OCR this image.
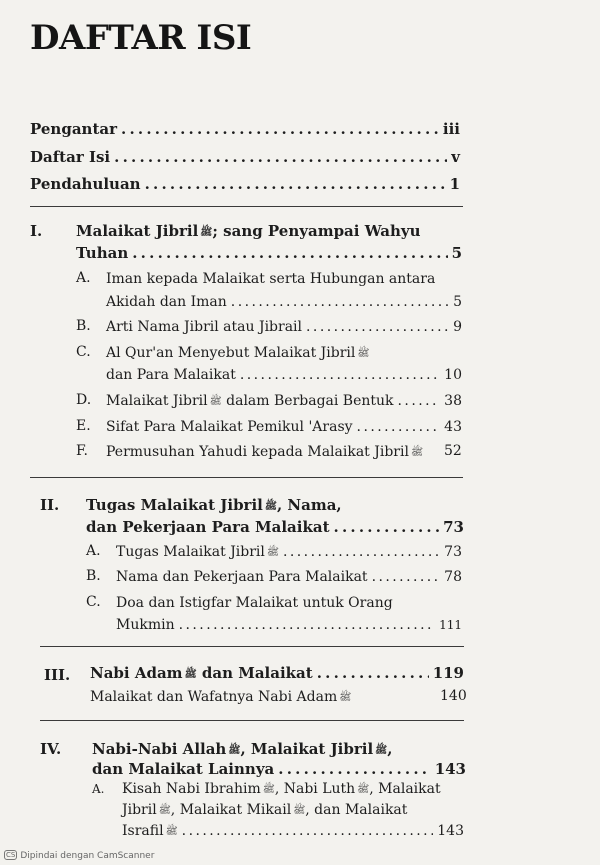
DAFTAR ISI
Pengantar . . .	iii
Daftar Isi . . .	v
Pendahuluan . . .	1
I. Malaikat Jibril ﷺ; sang Penyampai Wahyu
Tuhan . . .	5
A. Iman kepada Malaikat serta Hubungan antara
Akidah dan Iman . . .	5
B. Arti Nama Jibril atau Jibrail . . .	9
C. Al Qur'an Menyebut Malaikat Jibril ﷺ
dan Para Malaikat . . .	10
D. Malaikat Jibril ﷺ dalam Berbagai Bentuk . . .	38
E. Sifat Para Malaikat Pemikul 'Arasy . . .	43
F. Permusuhan Yahudi kepada Malaikat Jibril ﷺ 52
II. Tugas Malaikat Jibril ﷺ, Nama,
dan Pekerjaan Para Malaikat . . .	73
A. Tugas Malaikat Jibril ﷺ . . .	73
B. Nama dan Pekerjaan Para Malaikat . . .	78
C. Doa dan Istigfar Malaikat untuk Orang
Mukmin . . .	111
III. Nabi Adam ﷺ dan Malaikat . . .	119
Malaikat dan Wafatnya Nabi Adam ﷺ	140
IV. Nabi-Nabi Allah ﷺ, Malaikat Jibril ﷺ,
dan Malaikat Lainnya . . .	143
A. Kisah Nabi Ibrahim ﷺ, Nabi Luth ﷺ, Malaikat
Jibril ﷺ, Malaikat Mikail ﷺ, dan Malaikat
Israfil ﷺ . . .	143
CS Dipindai dengan CamScanner
